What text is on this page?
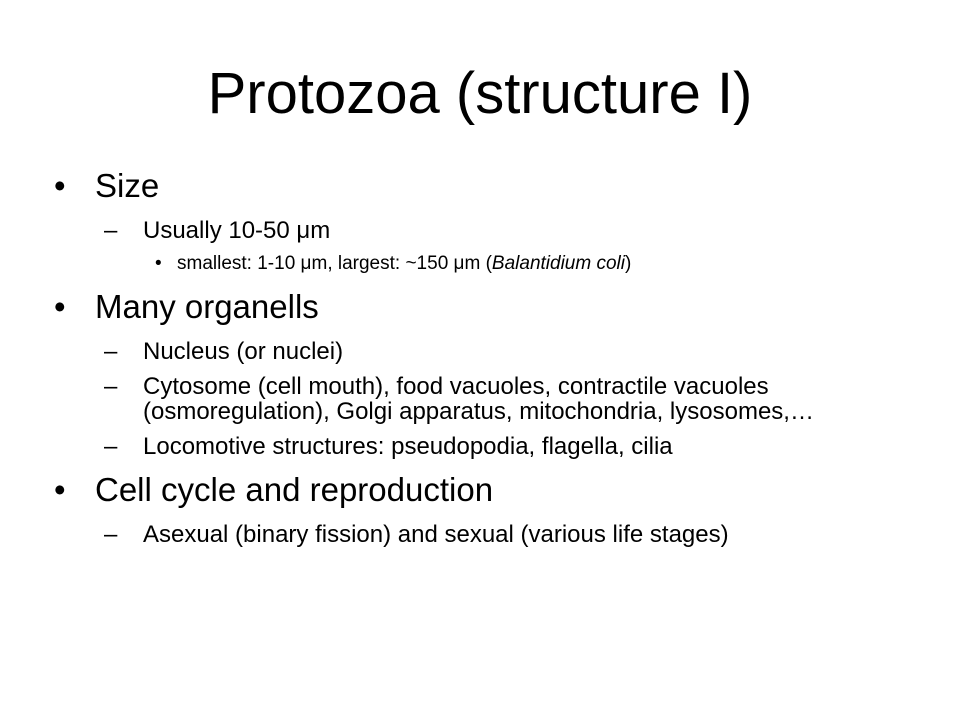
Protozoa (structure I)
• Size
– Usually 10-50 μm
• smallest: 1-10 μm, largest: ~150 μm (Balantidium coli)
• Many organells
– Nucleus (or nuclei)
– Cytosome (cell mouth), food vacuoles, contractile vacuoles (osmoregulation), Golgi apparatus, mitochondria, lysosomes,…
– Locomotive structures: pseudopodia, flagella, cilia
• Cell cycle and reproduction
– Asexual (binary fission) and sexual (various life stages)
